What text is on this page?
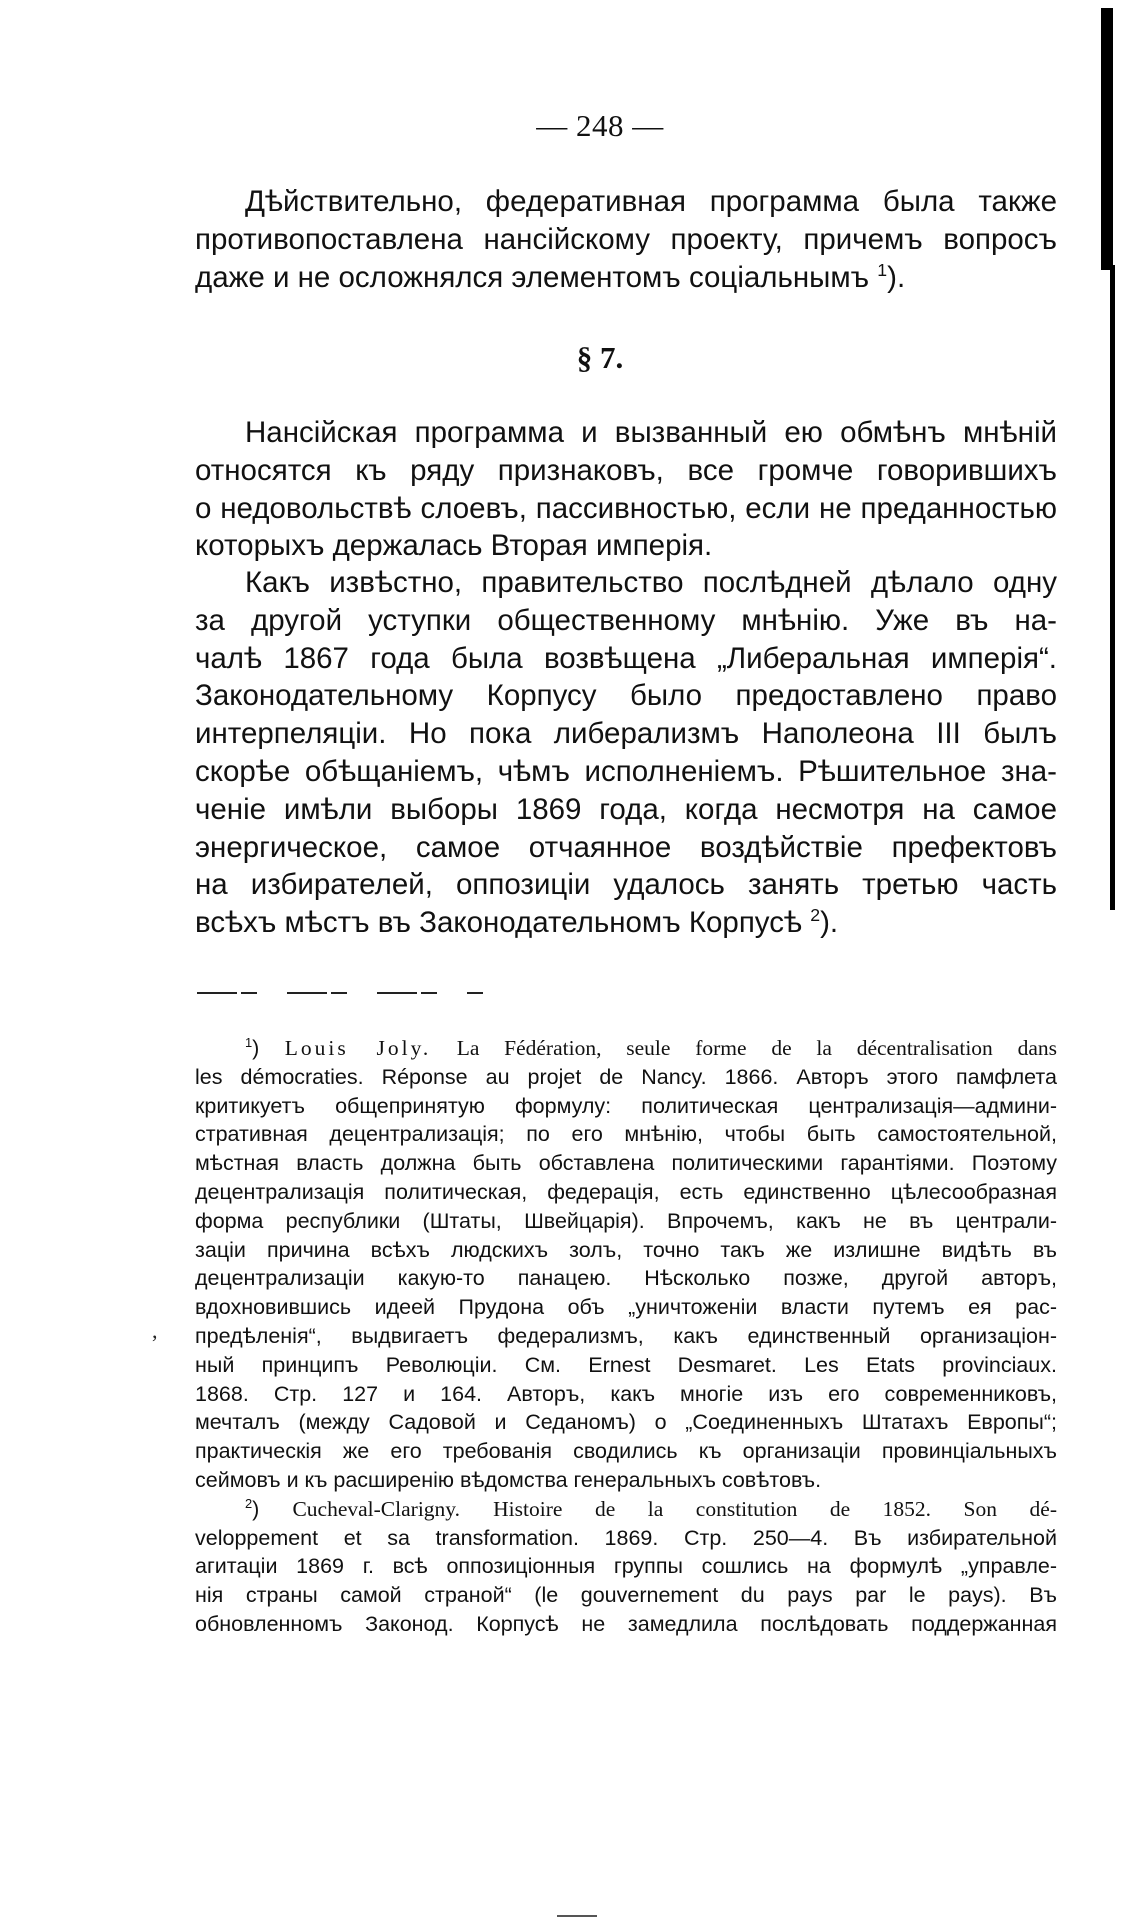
— 248 —
Дѣйствительно, федеративная программа была также
противопоставлена нансійскому проекту, причемъ вопросъ
даже и не осложнялся элементомъ соціальнымъ $^1$).
§ 7.
Нансійская программа и вызванный ею обмѣнъ мнѣній
относятся къ ряду признаковъ, все громче говорившихъ
о недовольствѣ слоевъ, пассивностью, если не преданностью
которыхъ держалась Вторая имперія.
Какъ извѣстно, правительство послѣдней дѣлало одну
за другой уступки общественному мнѣнію. Уже въ на-
чалѣ 1867 года была возвѣщена „Либеральная имперія“.
Законодательному Корпусу было предоставлено право
интерпеляціи. Но пока либерализмъ Наполеона III былъ
скорѣе обѣщаніемъ, чѣмъ исполненіемъ. Рѣшительное зна-
ченіе имѣли выборы 1869 года, когда несмотря на самое
энергическое, самое отчаянное воздѣйствіе префектовъ
на избирателей, оппозиціи удалось занять третью часть
всѣхъ мѣстъ въ Законодательномъ Корпусѣ $^2$).
,
$^1$) Louis Joly. La Fédération, seule forme de la décentralisation dans
les démocraties. Réponse au projet de Nancy. 1866. Авторъ этого памфлета
критикуетъ общепринятую формулу: политическая централизація—админи-
стративная децентрализація; по его мнѣнію, чтобы быть самостоятельной,
мѣстная власть должна быть обставлена политическими гарантіями. Поэтому
децентрализація политическая, федерація, есть единственно цѣлесообразная
форма республики (Штаты, Швейцарія). Впрочемъ, какъ не въ централи-
заціи причина всѣхъ людскихъ золъ, точно такъ же излишне видѣть въ
децентрализаціи какую-то панацею. Нѣсколько позже, другой авторъ,
вдохновившись идеей Прудона объ „уничтоженіи власти путемъ ея рас-
предѣленія“, выдвигаетъ федерализмъ, какъ единственный организаціон-
ный принципъ Революціи. См. Ernest Desmaret. Les Etats provinciaux.
1868. Стр. 127 и 164. Авторъ, какъ многіе изъ его современниковъ,
мечталъ (между Садовой и Седаномъ) о „Соединенныхъ Штатахъ Европы“;
практическія же его требованія сводились къ организаціи провинціальныхъ
сеймовъ и къ расширенію вѣдомства генеральныхъ совѣтовъ.
$^2$) Cucheval-Clarigny. Histoire de la constitution de 1852. Son dé-
veloppement et sa transformation. 1869. Стр. 250—4. Въ избирательной
агитаціи 1869 г. всѣ оппозиціонныя группы сошлись на формулѣ „управле-
нія страны самой страной“ (le gouvernement du pays par le pays). Въ
обновленномъ Законод. Корпусѣ не замедлила послѣдовать поддержанная
